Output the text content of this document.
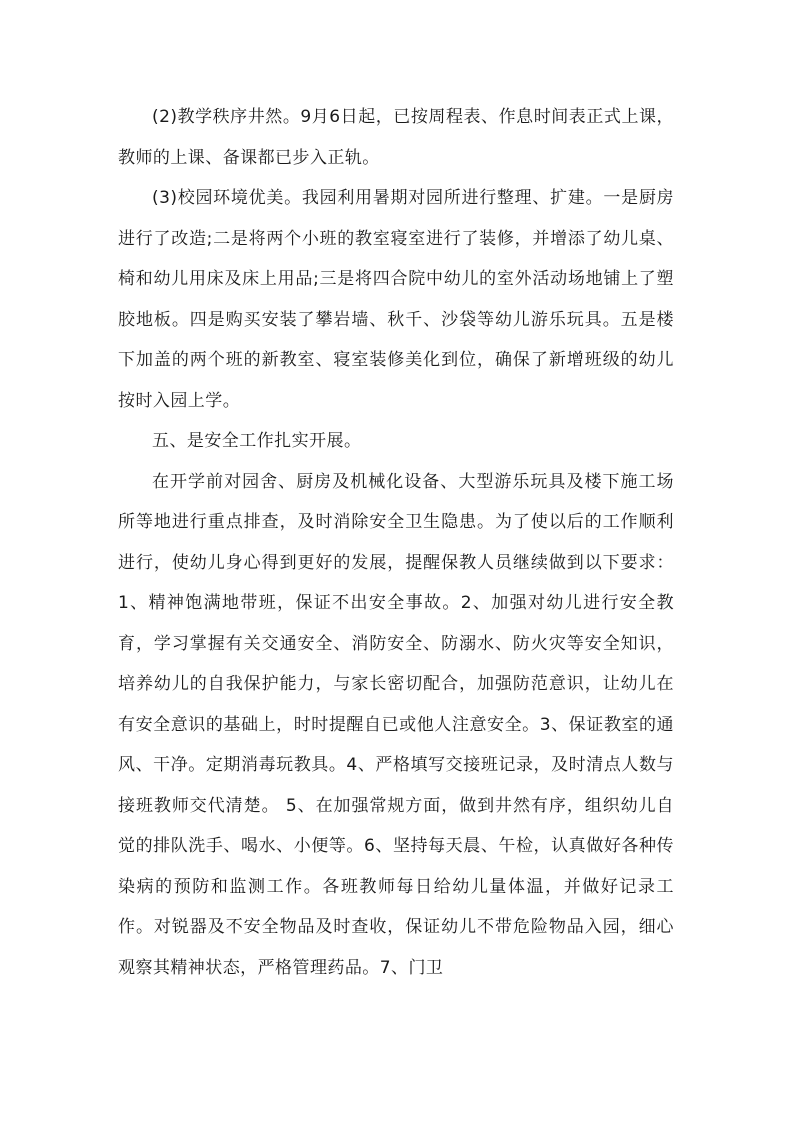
(2)教学秩序井然。9月6日起，已按周程表、作息时间表正式上课，教师的上课、备课都已步入正轨。

(3)校园环境优美。我园利用暑期对园所进行整理、扩建。一是厨房进行了改造;二是将两个小班的教室寝室进行了装修，并增添了幼儿桌、椅和幼儿用床及床上用品;三是将四合院中幼儿的室外活动场地铺上了塑胶地板。四是购买安装了攀岩墙、秋千、沙袋等幼儿游乐玩具。五是楼下加盖的两个班的新教室、寝室装修美化到位，确保了新增班级的幼儿按时入园上学。

五、是安全工作扎实开展。

在开学前对园舍、厨房及机械化设备、大型游乐玩具及楼下施工场所等地进行重点排查，及时消除安全卫生隐患。为了使以后的工作顺利进行，使幼儿身心得到更好的发展，提醒保教人员继续做到以下要求：1、精神饱满地带班，保证不出安全事故。2、加强对幼儿进行安全教育，学习掌握有关交通安全、消防安全、防溺水、防火灾等安全知识，培养幼儿的自我保护能力，与家长密切配合，加强防范意识，让幼儿在有安全意识的基础上，时时提醒自已或他人注意安全。3、保证教室的通风、干净。定期消毒玩教具。4、严格填写交接班记录，及时清点人数与接班教师交代清楚。 5、在加强常规方面，做到井然有序，组织幼儿自觉的排队洗手、喝水、小便等。6、坚持每天晨、午检，认真做好各种传染病的预防和监测工作。各班教师每日给幼儿量体温，并做好记录工作。对锐器及不安全物品及时查收，保证幼儿不带危险物品入园，细心观察其精神状态，严格管理药品。7、门卫
